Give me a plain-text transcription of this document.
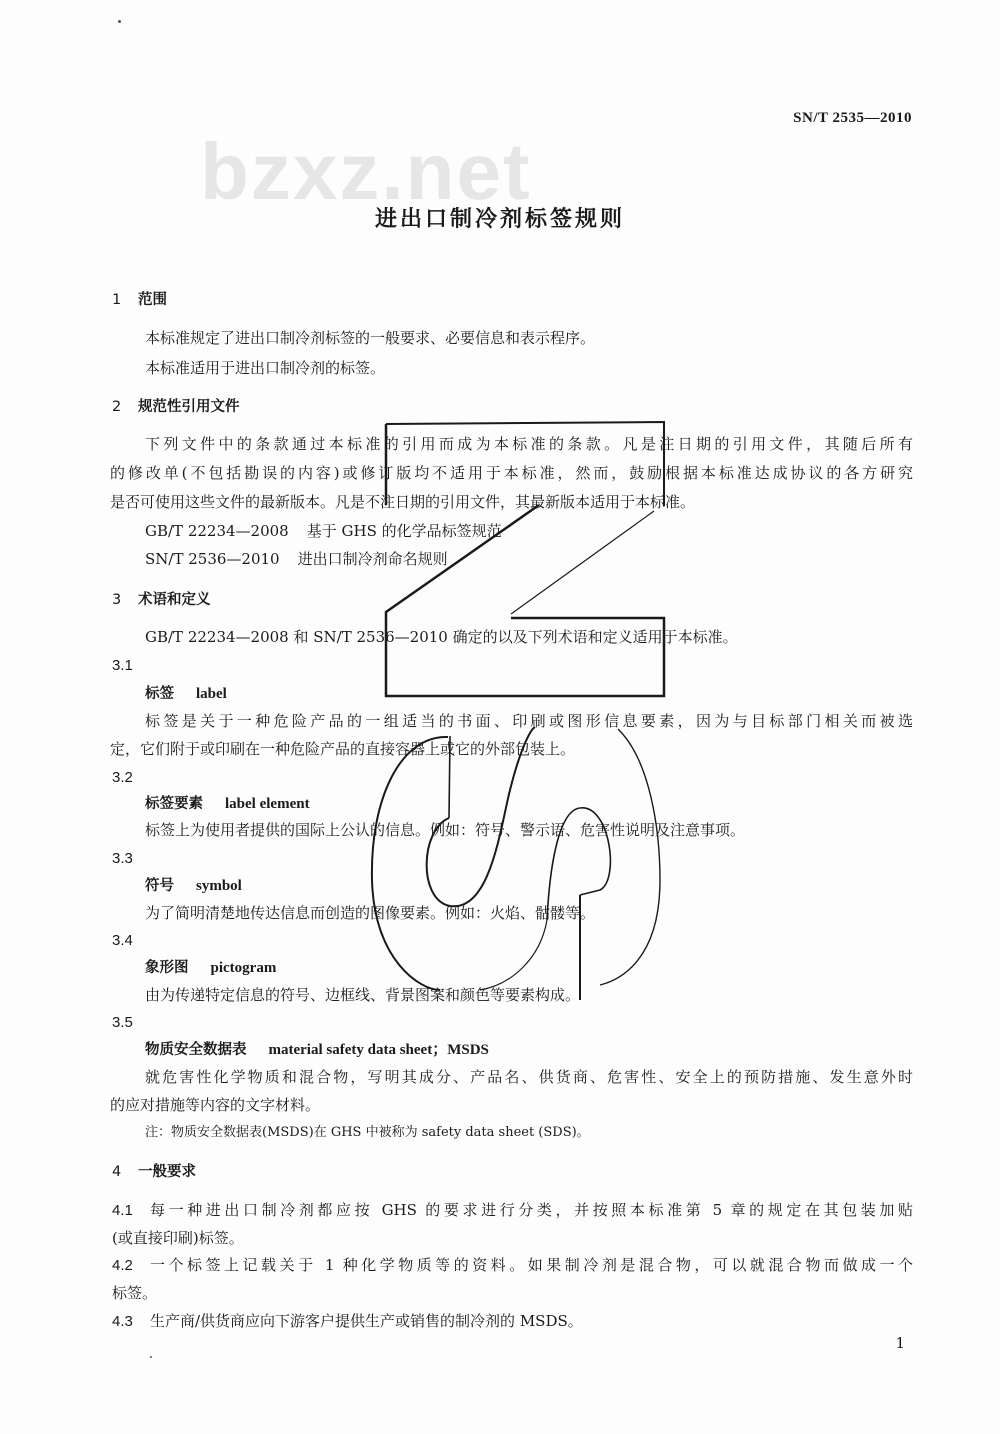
SN/T 2535—2010
bzxz.net
进出口制冷剂标签规则
1 范围
本标准规定了进出口制冷剂标签的一般要求、必要信息和表示程序。
本标准适用于进出口制冷剂的标签。
2 规范性引用文件
下列文件中的条款通过本标准的引用而成为本标准的条款。凡是注日期的引用文件，其随后所有
的修改单(不包括勘误的内容)或修订版均不适用于本标准，然而，鼓励根据本标准达成协议的各方研究
是否可使用这些文件的最新版本。凡是不注日期的引用文件，其最新版本适用于本标准。
GB/T 22234—2008 基于 GHS 的化学品标签规范
SN/T 2536—2010 进出口制冷剂命名规则
3 术语和定义
GB/T 22234—2008 和 SN/T 2536—2010 确定的以及下列术语和定义适用于本标准。
3.1
标签 label
标签是关于一种危险产品的一组适当的书面、印刷或图形信息要素，因为与目标部门相关而被选
定，它们附于或印刷在一种危险产品的直接容器上或它的外部包装上。
3.2
标签要素 label element
标签上为使用者提供的国际上公认的信息。例如：符号、警示语、危害性说明及注意事项。
3.3
符号 symbol
为了简明清楚地传达信息而创造的图像要素。例如：火焰、骷髅等。
3.4
象形图 pictogram
由为传递特定信息的符号、边框线、背景图案和颜色等要素构成。
3.5
物质安全数据表 material safety data sheet；MSDS
就危害性化学物质和混合物，写明其成分、产品名、供货商、危害性、安全上的预防措施、发生意外时
的应对措施等内容的文字材料。
注：物质安全数据表(MSDS)在 GHS 中被称为 safety data sheet (SDS)。
4 一般要求
4.1 每一种进出口制冷剂都应按 GHS 的要求进行分类，并按照本标准第 5 章的规定在其包装加贴
(或直接印刷)标签。
4.2 一个标签上记载关于 1 种化学物质等的资料。如果制冷剂是混合物，可以就混合物而做成一个
标签。
4.3 生产商/供货商应向下游客户提供生产或销售的制冷剂的 MSDS。
1
